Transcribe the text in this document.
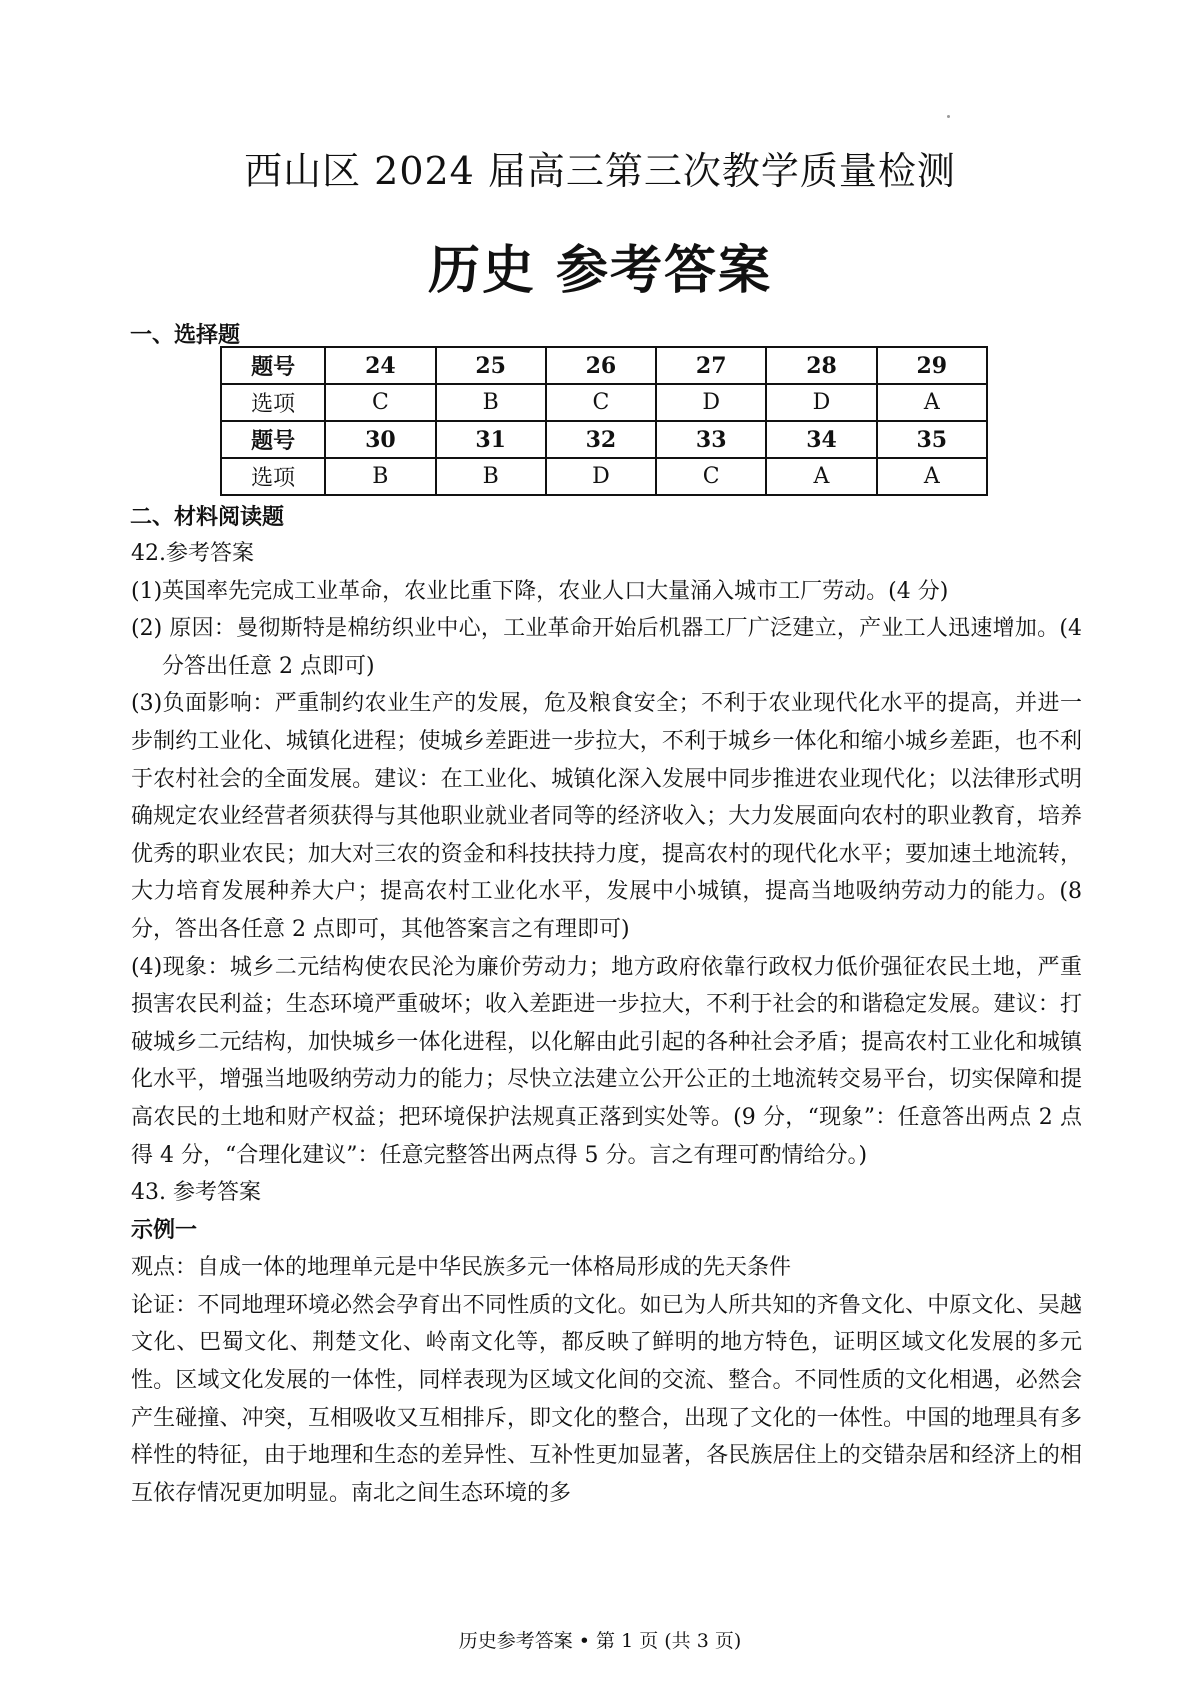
西山区 2024 届高三第三次教学质量检测
历史 参考答案
一、选择题
题号	24	25	26	27	28	29
选项	C	B	C	D	D	A
题号	30	31	32	33	34	35
选项	B	B	D	C	A	A
二、材料阅读题

42.参考答案

(1)英国率先完成工业革命，农业比重下降，农业人口大量涌入城市工厂劳动。(4 分)

(2) 原因：曼彻斯特是棉纺织业中心，工业革命开始后机器工厂广泛建立，产业工人迅速增加。(4 分答出任意 2 点即可)

(3)负面影响：严重制约农业生产的发展，危及粮食安全；不利于农业现代化水平的提高，并进一步制约工业化、城镇化进程；使城乡差距进一步拉大，不利于城乡一体化和缩小城乡差距，也不利于农村社会的全面发展。建议：在工业化、城镇化深入发展中同步推进农业现代化；以法律形式明确规定农业经营者须获得与其他职业就业者同等的经济收入；大力发展面向农村的职业教育，培养优秀的职业农民；加大对三农的资金和科技扶持力度，提高农村的现代化水平；要加速土地流转，大力培育发展种养大户；提高农村工业化水平，发展中小城镇，提高当地吸纳劳动力的能力。(8 分，答出各任意 2 点即可，其他答案言之有理即可)

(4)现象：城乡二元结构使农民沦为廉价劳动力；地方政府依靠行政权力低价强征农民土地，严重损害农民利益；生态环境严重破坏；收入差距进一步拉大，不利于社会的和谐稳定发展。建议：打破城乡二元结构，加快城乡一体化进程，以化解由此引起的各种社会矛盾；提高农村工业化和城镇化水平，增强当地吸纳劳动力的能力；尽快立法建立公开公正的土地流转交易平台，切实保障和提高农民的土地和财产权益；把环境保护法规真正落到实处等。(9 分，“现象”：任意答出两点 2 点得 4 分，“合理化建议”：任意完整答出两点得 5 分。言之有理可酌情给分。)

43. 参考答案

示例一

观点：自成一体的地理单元是中华民族多元一体格局形成的先天条件

论证：不同地理环境必然会孕育出不同性质的文化。如已为人所共知的齐鲁文化、中原文化、吴越文化、巴蜀文化、荆楚文化、岭南文化等，都反映了鲜明的地方特色，证明区域文化发展的多元性。区域文化发展的一体性，同样表现为区域文化间的交流、整合。不同性质的文化相遇，必然会产生碰撞、冲突，互相吸收又互相排斥，即文化的整合，出现了文化的一体性。中国的地理具有多样性的特征，由于地理和生态的差异性、互补性更加显著，各民族居住上的交错杂居和经济上的相互依存情况更加明显。南北之间生态环境的多

历史参考答案 • 第 1 页 (共 3 页)
